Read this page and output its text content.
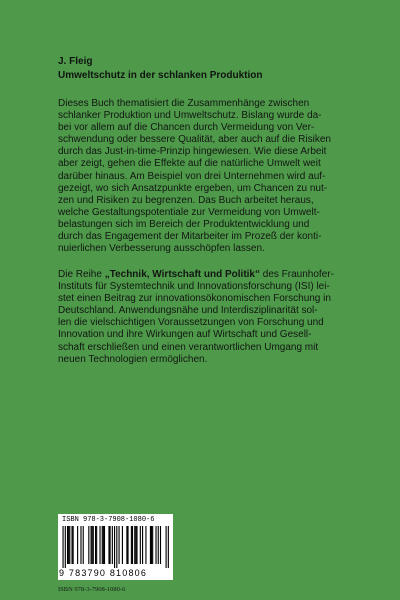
J. Fleig

Umweltschutz in der schlanken Produktion

Dieses Buch thematisiert die Zusammenhänge zwischen
schlanker Produktion und Umweltschutz. Bislang wurde da-
bei vor allem auf die Chancen durch Vermeidung von Ver-
schwendung oder bessere Qualität, aber auch auf die Risiken
durch das Just-in-time-Prinzip hingewiesen. Wie diese Arbeit
aber zeigt, gehen die Effekte auf die natürliche Umwelt weit
darüber hinaus. Am Beispiel von drei Unternehmen wird auf-
gezeigt, wo sich Ansatzpunkte ergeben, um Chancen zu nut-
zen und Risiken zu begrenzen. Das Buch arbeitet heraus,
welche Gestaltungspotentiale zur Vermeidung von Umwelt-
belastungen sich im Bereich der Produktentwicklung und
durch das Engagement der Mitarbeiter im Prozeß der konti-
nuierlichen Verbesserung ausschöpfen lassen.

Die Reihe „Technik, Wirtschaft und Politik“ des Fraunhofer-
Instituts für Systemtechnik und Innovationsforschung (ISI) lei-
stet einen Beitrag zur innovationsökonomischen Forschung in
Deutschland. Anwendungsnähe und Interdisziplinarität sol-
len die vielschichtigen Voraussetzungen von Forschung und
Innovation und ihre Wirkungen auf Wirtschaft und Gesell-
schaft erschließen und einen verantwortlichen Umgang mit
neuen Technologien ermöglichen.

ISBN 978-3-7908-1080-6
9 783790 810806
ISBN 978-3-7908-1080-6
